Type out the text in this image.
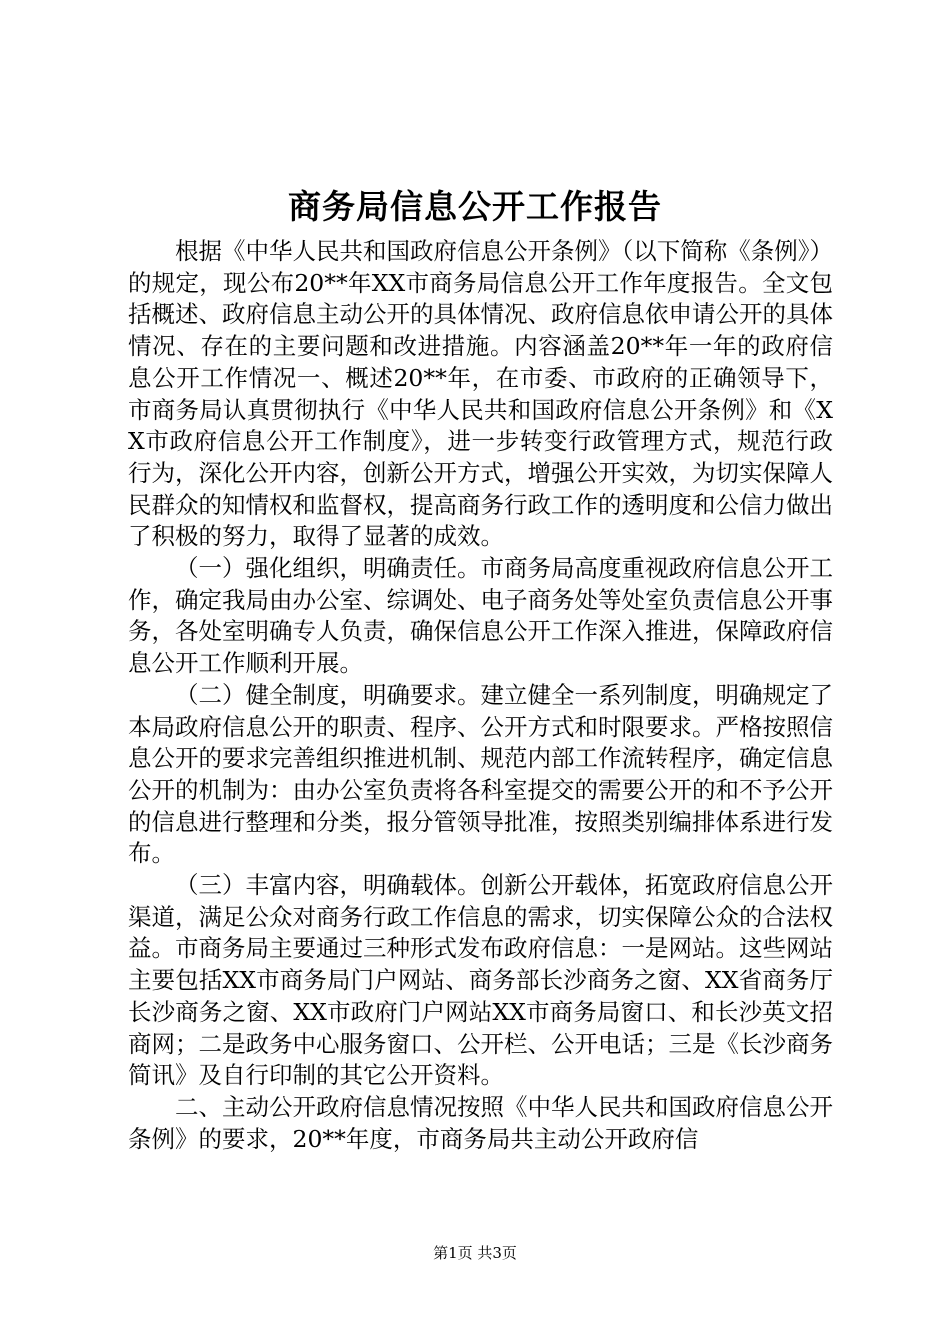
商务局信息公开工作报告

根据《中华人民共和国政府信息公开条例》（以下简称《条例》）的规定，现公布20**年XX市商务局信息公开工作年度报告。全文包括概述、政府信息主动公开的具体情况、政府信息依申请公开的具体情况、存在的主要问题和改进措施。内容涵盖20**年一年的政府信息公开工作情况一、概述20**年，在市委、市政府的正确领导下，市商务局认真贯彻执行《中华人民共和国政府信息公开条例》和《XX市政府信息公开工作制度》，进一步转变行政管理方式，规范行政行为，深化公开内容，创新公开方式，增强公开实效，为切实保障人民群众的知情权和监督权，提高商务行政工作的透明度和公信力做出了积极的努力，取得了显著的成效。

（一）强化组织，明确责任。市商务局高度重视政府信息公开工作，确定我局由办公室、综调处、电子商务处等处室负责信息公开事务，各处室明确专人负责，确保信息公开工作深入推进，保障政府信息公开工作顺利开展。

（二）健全制度，明确要求。建立健全一系列制度，明确规定了本局政府信息公开的职责、程序、公开方式和时限要求。严格按照信息公开的要求完善组织推进机制、规范内部工作流转程序，确定信息公开的机制为：由办公室负责将各科室提交的需要公开的和不予公开的信息进行整理和分类，报分管领导批准，按照类别编排体系进行发布。

（三）丰富内容，明确载体。创新公开载体，拓宽政府信息公开渠道，满足公众对商务行政工作信息的需求，切实保障公众的合法权益。市商务局主要通过三种形式发布政府信息：一是网站。这些网站主要包括XX市商务局门户网站、商务部长沙商务之窗、XX省商务厅长沙商务之窗、XX市政府门户网站XX市商务局窗口、和长沙英文招商网；二是政务中心服务窗口、公开栏、公开电话；三是《长沙商务简讯》及自行印制的其它公开资料。

二、主动公开政府信息情况按照《中华人民共和国政府信息公开条例》的要求，20**年度，市商务局共主动公开政府信

第1页 共3页
